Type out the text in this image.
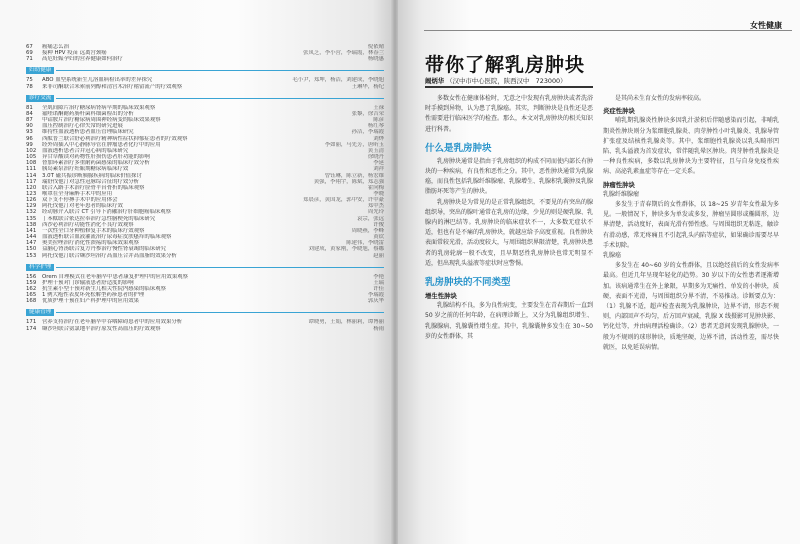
67	癌痛怎么治	倪依晴
69	接种 HPV 疫苗 远离宫颈癌	张凤芝，李小营，李瑞霞，林春兰
71	高危妊娠孕妇的营养健康如何治疗	杨晓惠
妇幼健康
75	ABO 血型系统新生儿溶血病检出率的差异探究	毛小尹，郑坤，杨洁，刘建成，李晓旭
78	来非司酮联合米索前列醇和清宫术治疗稽留流产的疗效观察	王琳华，杨纪
诊疗交流
81	全肌间隙片治疗糖尿病肾病早期的临床效果观察	王禄
84	氟喹诺酮耐药肠杆菌科细菌检出的分析	张黎，徐吉荣
87	甲钴胺片治疗糖尿病周围神经病变的临床效果观察	陈彦
90	血压控制治疗心律失常的研究进展	杨红琴
93	维持性血液透析患者血压管理临床研究	孙洁，李瑞霞
96	西酞普兰联合舒必利治疗精神病性症状抑郁症患者的疗效观察	刘烨
99	经外周插入中心静脉导管在肿瘤患者化疗中的应用	李如丽，马先芳，唐昕玉
102	血液透析患者合并冠心病的临床研究	黄玉清
105	异甘草酸镁对药物性肝损伤患者肝功能的影响	徐晓丹
108	替加环素治疗多重耐药菌感染的临床疗效分析	李延
111	胰岛素泵治疗妊娠期糖尿病临床疗效	刘祥
114	3.0T 磁共振诊断胰腺疾病的临床价值探讨	曾钰琳，陈立新，杨宏维
117	瑞舒伐他汀对急性冠脉综合征的疗效分析	黄强，李翔宇，陈斌，郑志强
120	联合入路手术治疗胫骨平台骨折的临床观察	霍向梅
123	喉罩在全身麻醉手术中的应用	季晓
126	双下支不停搏手术中的应用体会	郑晨彦，黄国龙，郭中安，许中豪
129	阿托伐他汀对老年患者的临床疗效	郑中杰
132	经动脉介入联合 CT 引导下消融治疗肝细胞癌临床观察	周先玲
135	丁苯酞联合依达拉奉治疗急性脑梗死的临床研究	袁宗，张远
138	西沙必利治疗功能性消化不良疗效观察	许俊
141	一次性全口牙种植修复手术的临床疗效观察	周晓燕，李峰
144	血液透析联合血液灌流治疗尿毒症皮肤瘙痒的临床观察	黄钦
147	奥美拉唑治疗消化性溃疡的临床效果观察	陈建伟，李晓雷
150	益脑心肾汤联合复方丹参治疗慢性肾衰竭的临床研究	刘建成，黄家刚，李晓旭，蔡娜
153	阿托伐他汀联合缬沙坦治疗高血压合并高血脂的效果分析	赵丽
科学护理
156	Orem 自理模式在老年脑卒中患者康复护理中的应用效果观察	李艳
159	护理干预对门诊输液患者舒适度的影响	王瑞
162	抗生素小型干预对新生儿相关性院内感染的临床观察	许佳
165	1 例大疱性表皮坏死松解型药疹患者的护理	李瑞霞
168	优质护理干预在妇产科护理中的应用效果	郭庆华
健康管理
171	营养支持治疗在老年脑卒中吞咽障碍患者中的应用效果分析	谭晓勇，王娟，林丽莉，谭博丽
174	缬沙坦联合氨氯地平治疗原发性高血压的疗效观察	杨雨
女性健康
带你了解乳房肿块
阚炳华 （汉中市中心医院，陕西汉中　723000）

多数女性在健康体检时，无意之中发现有乳房肿块或者洗浴时手摸到异物，认为患了乳腺癌。其实，判断肿块是良性还是恶性需要进行临床医学的检查。那么，本文对乳房肿块的相关知识进行科普。

什么是乳房肿块

乳房肿块通常是指由于乳房组织的构成不同而使内部长有肿块的一种疾病，有良性和恶性之分。其中，恶性肿块通常为乳腺癌，而良性包括乳腺纤维腺瘤、乳腺增生、乳腺积乳囊肿及乳腺脂肪坏死等产生的肿块。

乳房肿块是为常见的是正常乳腺组织，不要见的有突出的腺组织导，突出的腺叶通常在乳房的边缘，少见的则是硬乳腺、乳腺内的淋巴结等。乳房肿块的临床症状不一，大多数无症状不适，但也有是不痛的乳房肿块，就越应给予高度重视。良性肿块表面常较光滑，活动度较大，与周围组织界限清楚，乳房肿块患者的乳房轮廓一般不改变，且早期恶性乳房肿块也常无明显不适，但出现乳头溢液等症状时应警惕。

乳房肿块的不同类型
增生性肿块

乳腺结构不良，多为良性病变，主要发生在青春期后一直到 50 岁之前的任何年龄，在病理诊断上，又分为乳腺组织增生、乳腺腺病、乳腺囊性增生症。其中，乳腺囊肿多发生在 30~50 岁的女性群体，其

是其尚未生育女性的发病率较高。

炎症性肿块

哺乳期乳腺炎性肿块多因乳汁淤积后伴随感染而引起，非哺乳期炎性肿块则分为浆细胞乳腺炎、肉芽肿性小叶乳腺炎、乳腺导管扩张症及结核性乳腺炎等。其中，浆细胞性乳腺炎以乳头畸形凹陷、乳头溢液为首发症状，常伴随乳晕区肿块。肉芽肿性乳腺炎是一种良性疾病，多数以乳房肿块为主要特征，且与自身免疫性疾病、高泌乳素血症等存在一定关系。

肿瘤性肿块
乳腺纤维腺瘤

多发生于青春期后的女性群体，以 18~25 岁青年女性最为多见。一般情况下，肿块多为单发或多发，肿瘤呈圆形或椭圆形，边界清楚，活动度好，表面光滑有弹性感。与周围组织无粘连，触诊有滑动感，常无疼痛且不引起乳头内陷等症状，如果确诊需要尽早手术切除。

乳腺癌

多发生在 40~60 岁的女性群体，且以绝经前后的女性发病率最高。但近几年呈现年轻化的趋势。30 岁以下的女性患者逐渐增加。该病通常生在外上象限，早期多为无痛性、单发的小肿块，质硬，表面不光滑，与周围组织分界不清，不易推动。诊断要点为：（1）乳腺不适，超声检查表现为乳腺肿块，边界不清，形态不规则，内部回声不均匀，后方回声衰减，乳腺 X 线摄影可见肿块影、钙化灶等，并由病理活检确诊。（2）患者无意间发现乳腺肿块，一般为不规则的球形肿块，质地坚硬，边界不清，活动性差，需尽快就医，以免延误病情。
